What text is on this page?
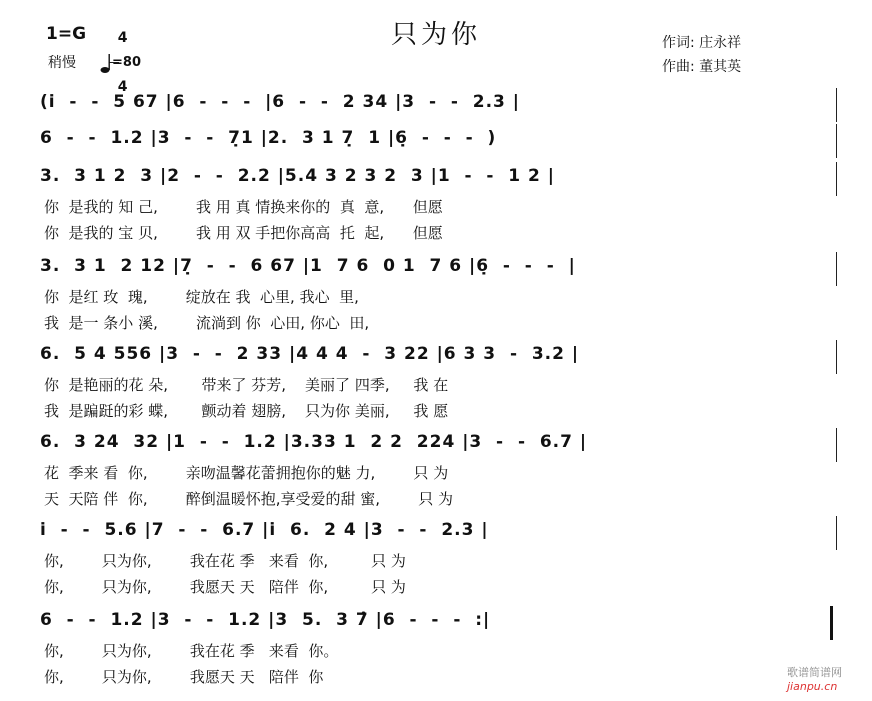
只为你
1=G	4

4

稍慢	=80
作词: 庄永祥
作曲: 董其英
(i̇  -  -  5 67 |6  -  -  -  |6  -  -  2 34 |3  -  -  2.3 |
6  -  -  1.2 |3  -  -  7̣1 |2.  3 1 7̣  1 |6̣  -  -  -  )
3.  3 1 2  3 |2  -  -  2.2 |5.4 3 2 3 2  3 |1  -  -  1 2 |
你  是我的 知 己,        我 用 真 情换来你的  真  意,      但愿
你  是我的 宝 贝,        我 用 双 手把你高高  托  起,      但愿
3.  3 1  2 12 |7̣  -  -  6 67 |1  7 6  0 1  7 6 |6̣  -  -  -  |
你  是红 玫  瑰,        绽放在 我  心里, 我心  里,
我  是一 条小 溪,        流淌到 你  心田, 你心  田,
6.  5 4 556 |3  -  -  2 33 |4 4 4  -  3 22 |6 3 3  -  3.2 |
你  是艳丽的花 朵,       带来了 芬芳,    美丽了 四季,     我 在
我  是蹁跹的彩 蝶,       颤动着 翅膀,    只为你 美丽,     我 愿
6.  3 24  32 |1  -  -  1.2 |3.33 1  2 2  224 |3  -  -  6.7 |
花  季来 看  你,        亲吻温馨花蕾拥抱你的魅 力,        只 为
天  天陪 伴  你,        醉倒温暖怀抱,享受爱的甜 蜜,        只 为
i̇  -  -  5.6 |7  -  -  6.7 |i̇  6.  2 4 |3  -  -  2.3 |
你,        只为你,        我在花 季   来看  你,         只 为
你,        只为你,        我愿天 天   陪伴  你,         只 为
6  -  -  1.2 |3  -  -  1.2 |3  5.  3 7̂ |6  -  -  -  :|
你,        只为你,        我在花 季   来看  你。
你,        只为你,        我愿天 天   陪伴  你	歌谱简谱网
jianpu.cn
